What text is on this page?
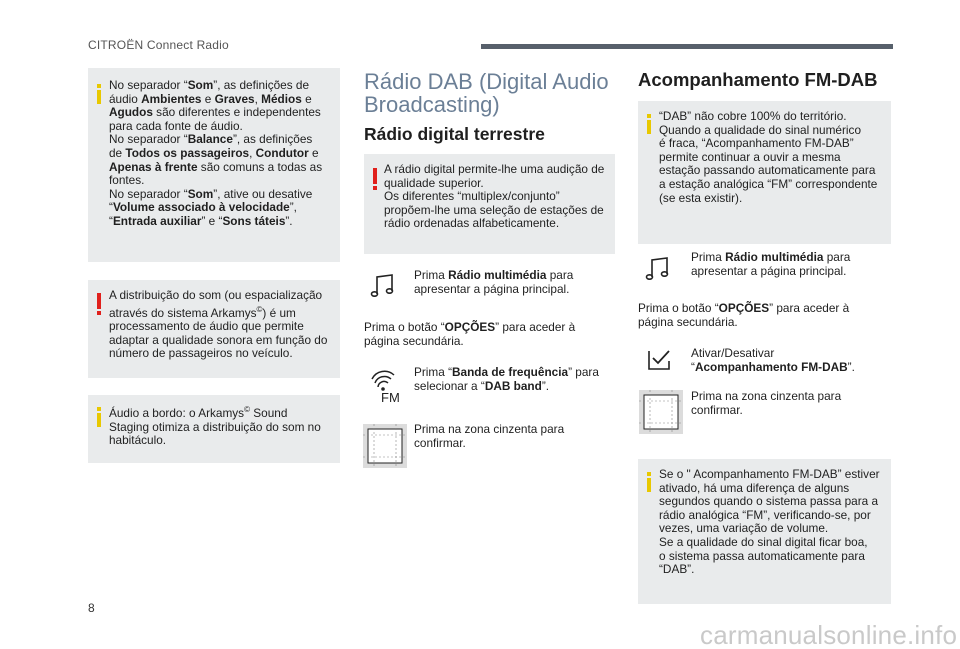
CITROËN Connect Radio
8
carmanualsonline.info

No separador “Som”, as definições de

áudio Ambientes e Graves, Médios e

Agudos são diferentes e independentes

para cada fonte de áudio.

No separador “Balance”, as definições

de Todos os passageiros, Condutor e

Apenas à frente são comuns a todas as

fontes.

No separador “Som”, ative ou desative

“Volume associado à velocidade”,

“Entrada auxiliar” e “Sons táteis”.

A distribuição do som (ou espacialização

através do sistema Arkamys©) é um

processamento de áudio que permite

adaptar a qualidade sonora em função do

número de passageiros no veículo.

Áudio a bordo: o Arkamys© Sound

Staging otimiza a distribuição do som no

habitáculo.

Rádio DAB (Digital Audio
Broadcasting)
Rádio digital terrestre

A rádio digital permite-lhe uma audição de

qualidade superior.

Os diferentes “multiplex/conjunto”

propõem-lhe uma seleção de estações de

rádio ordenadas alfabeticamente.

Prima Rádio multimédia para

apresentar a página principal.

Prima o botão “OPÇÕES” para aceder à

página secundária.

FM

Prima “Banda de frequência” para

selecionar a “DAB band”.

Prima na zona cinzenta para

confirmar.

Acompanhamento FM-DAB

“DAB” não cobre 100% do território.

Quando a qualidade do sinal numérico

é fraca, “Acompanhamento FM-DAB”

permite continuar a ouvir a mesma

estação passando automaticamente para

a estação analógica “FM” correspondente

(se esta existir).

Prima Rádio multimédia para

apresentar a página principal.

Prima o botão “OPÇÕES” para aceder à

página secundária.

Ativar/Desativar

“Acompanhamento FM-DAB”.

Prima na zona cinzenta para

confirmar.

Se o " Acompanhamento FM-DAB” estiver

ativado, há uma diferença de alguns

segundos quando o sistema passa para a

rádio analógica “FM”, verificando-se, por

vezes, uma variação de volume.

Se a qualidade do sinal digital ficar boa,

o sistema passa automaticamente para

“DAB”.
